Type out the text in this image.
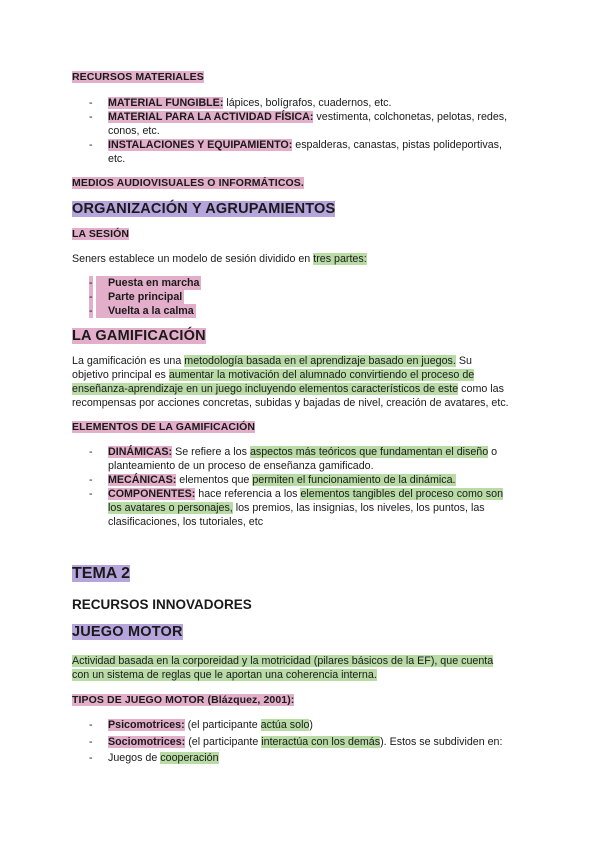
RECURSOS MATERIALES
- MATERIAL FUNGIBLE: lápices, bolígrafos, cuadernos, etc.
- MATERIAL PARA LA ACTIVIDAD FÍSICA: vestimenta, colchonetas, pelotas, redes,
conos, etc.
- INSTALACIONES Y EQUIPAMIENTO: espalderas, canastas, pistas polideportivas,
etc.
MEDIOS AUDIOVISUALES O INFORMÁTICOS.
ORGANIZACIÓN Y AGRUPAMIENTOS
LA SESIÓN
Seners establece un modelo de sesión dividido en tres partes:
-	Puesta en marcha
-	Parte principal
-	Vuelta a la calma
LA GAMIFICACIÓN
La gamificación es una metodología basada en el aprendizaje basado en juegos. Su
objetivo principal es aumentar la motivación del alumnado convirtiendo el proceso de
enseñanza-aprendizaje en un juego incluyendo elementos característicos de este como las
recompensas por acciones concretas, subidas y bajadas de nivel, creación de avatares, etc.
ELEMENTOS DE LA GAMIFICACIÓN
- DINÁMICAS: Se refiere a los aspectos más teóricos que fundamentan el diseño o
planteamiento de un proceso de enseñanza gamificado.
- MECÁNICAS: elementos que permiten el funcionamiento de la dinámica.
- COMPONENTES: hace referencia a los elementos tangibles del proceso como son
los avatares o personajes, los premios, las insignias, los niveles, los puntos, las
clasificaciones, los tutoriales, etc
TEMA 2
RECURSOS INNOVADORES
JUEGO MOTOR
Actividad basada en la corporeidad y la motricidad (pilares básicos de la EF), que cuenta
con un sistema de reglas que le aportan una coherencia interna.
TIPOS DE JUEGO MOTOR (Blázquez, 2001):
- Psicomotrices: (el participante actúa solo)
- Sociomotrices: (el participante interactúa con los demás). Estos se subdividen en:
- Juegos de cooperación
